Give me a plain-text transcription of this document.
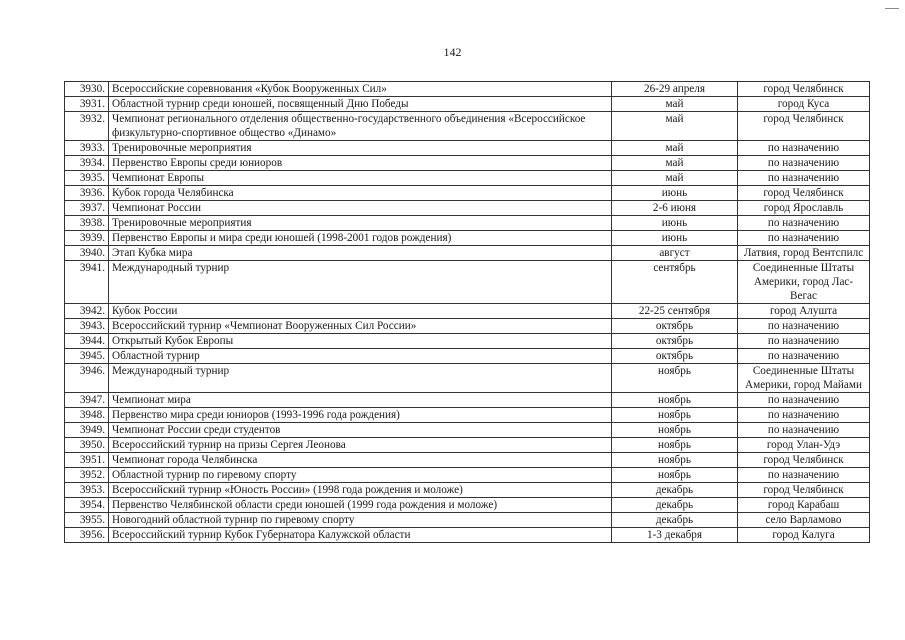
142
3930.	Всероссийские соревнования «Кубок Вооруженных Сил»	26-29 апреля	город Челябинск
3931.	Областной турнир среди юношей, посвященный Дню Победы	май	город Куса
3932.	Чемпионат регионального отделения общественно-государственного объединения «Всероссийское физкультурно-спортивное общество «Динамо»	май	город Челябинск
3933.	Тренировочные мероприятия	май	по назначению
3934.	Первенство Европы среди юниоров	май	по назначению
3935.	Чемпионат Европы	май	по назначению
3936.	Кубок города Челябинска	июнь	город Челябинск
3937.	Чемпионат России	2-6 июня	город Ярославль
3938.	Тренировочные мероприятия	июнь	по назначению
3939.	Первенство Европы и мира среди юношей (1998-2001 годов рождения)	июнь	по назначению
3940.	Этап Кубка мира	август	Латвия, город Вентспилс
3941.	Международный турнир	сентябрь	Соединенные Штаты Америки, город Лас-Вегас
3942.	Кубок России	22-25 сентября	город Алушта
3943.	Всероссийский турнир «Чемпионат Вооруженных Сил России»	октябрь	по назначению
3944.	Открытый Кубок Европы	октябрь	по назначению
3945.	Областной турнир	октябрь	по назначению
3946.	Международный турнир	ноябрь	Соединенные Штаты Америки, город Майами
3947.	Чемпионат мира	ноябрь	по назначению
3948.	Первенство мира среди юниоров (1993-1996 года рождения)	ноябрь	по назначению
3949.	Чемпионат России среди студентов	ноябрь	по назначению
3950.	Всероссийский турнир на призы Сергея Леонова	ноябрь	город Улан-Удэ
3951.	Чемпионат города Челябинска	ноябрь	город Челябинск
3952.	Областной турнир по гиревому спорту	ноябрь	по назначению
3953.	Всероссийский турнир «Юность России» (1998 года рождения и моложе)	декабрь	город Челябинск
3954.	Первенство Челябинской области среди юношей (1999 года рождения и моложе)	декабрь	город Карабаш
3955.	Новогодний областной турнир по гиревому спорту	декабрь	село Варламово
3956.	Всероссийский турнир Кубок Губернатора Калужской области	1-3 декабря	город Калуга
